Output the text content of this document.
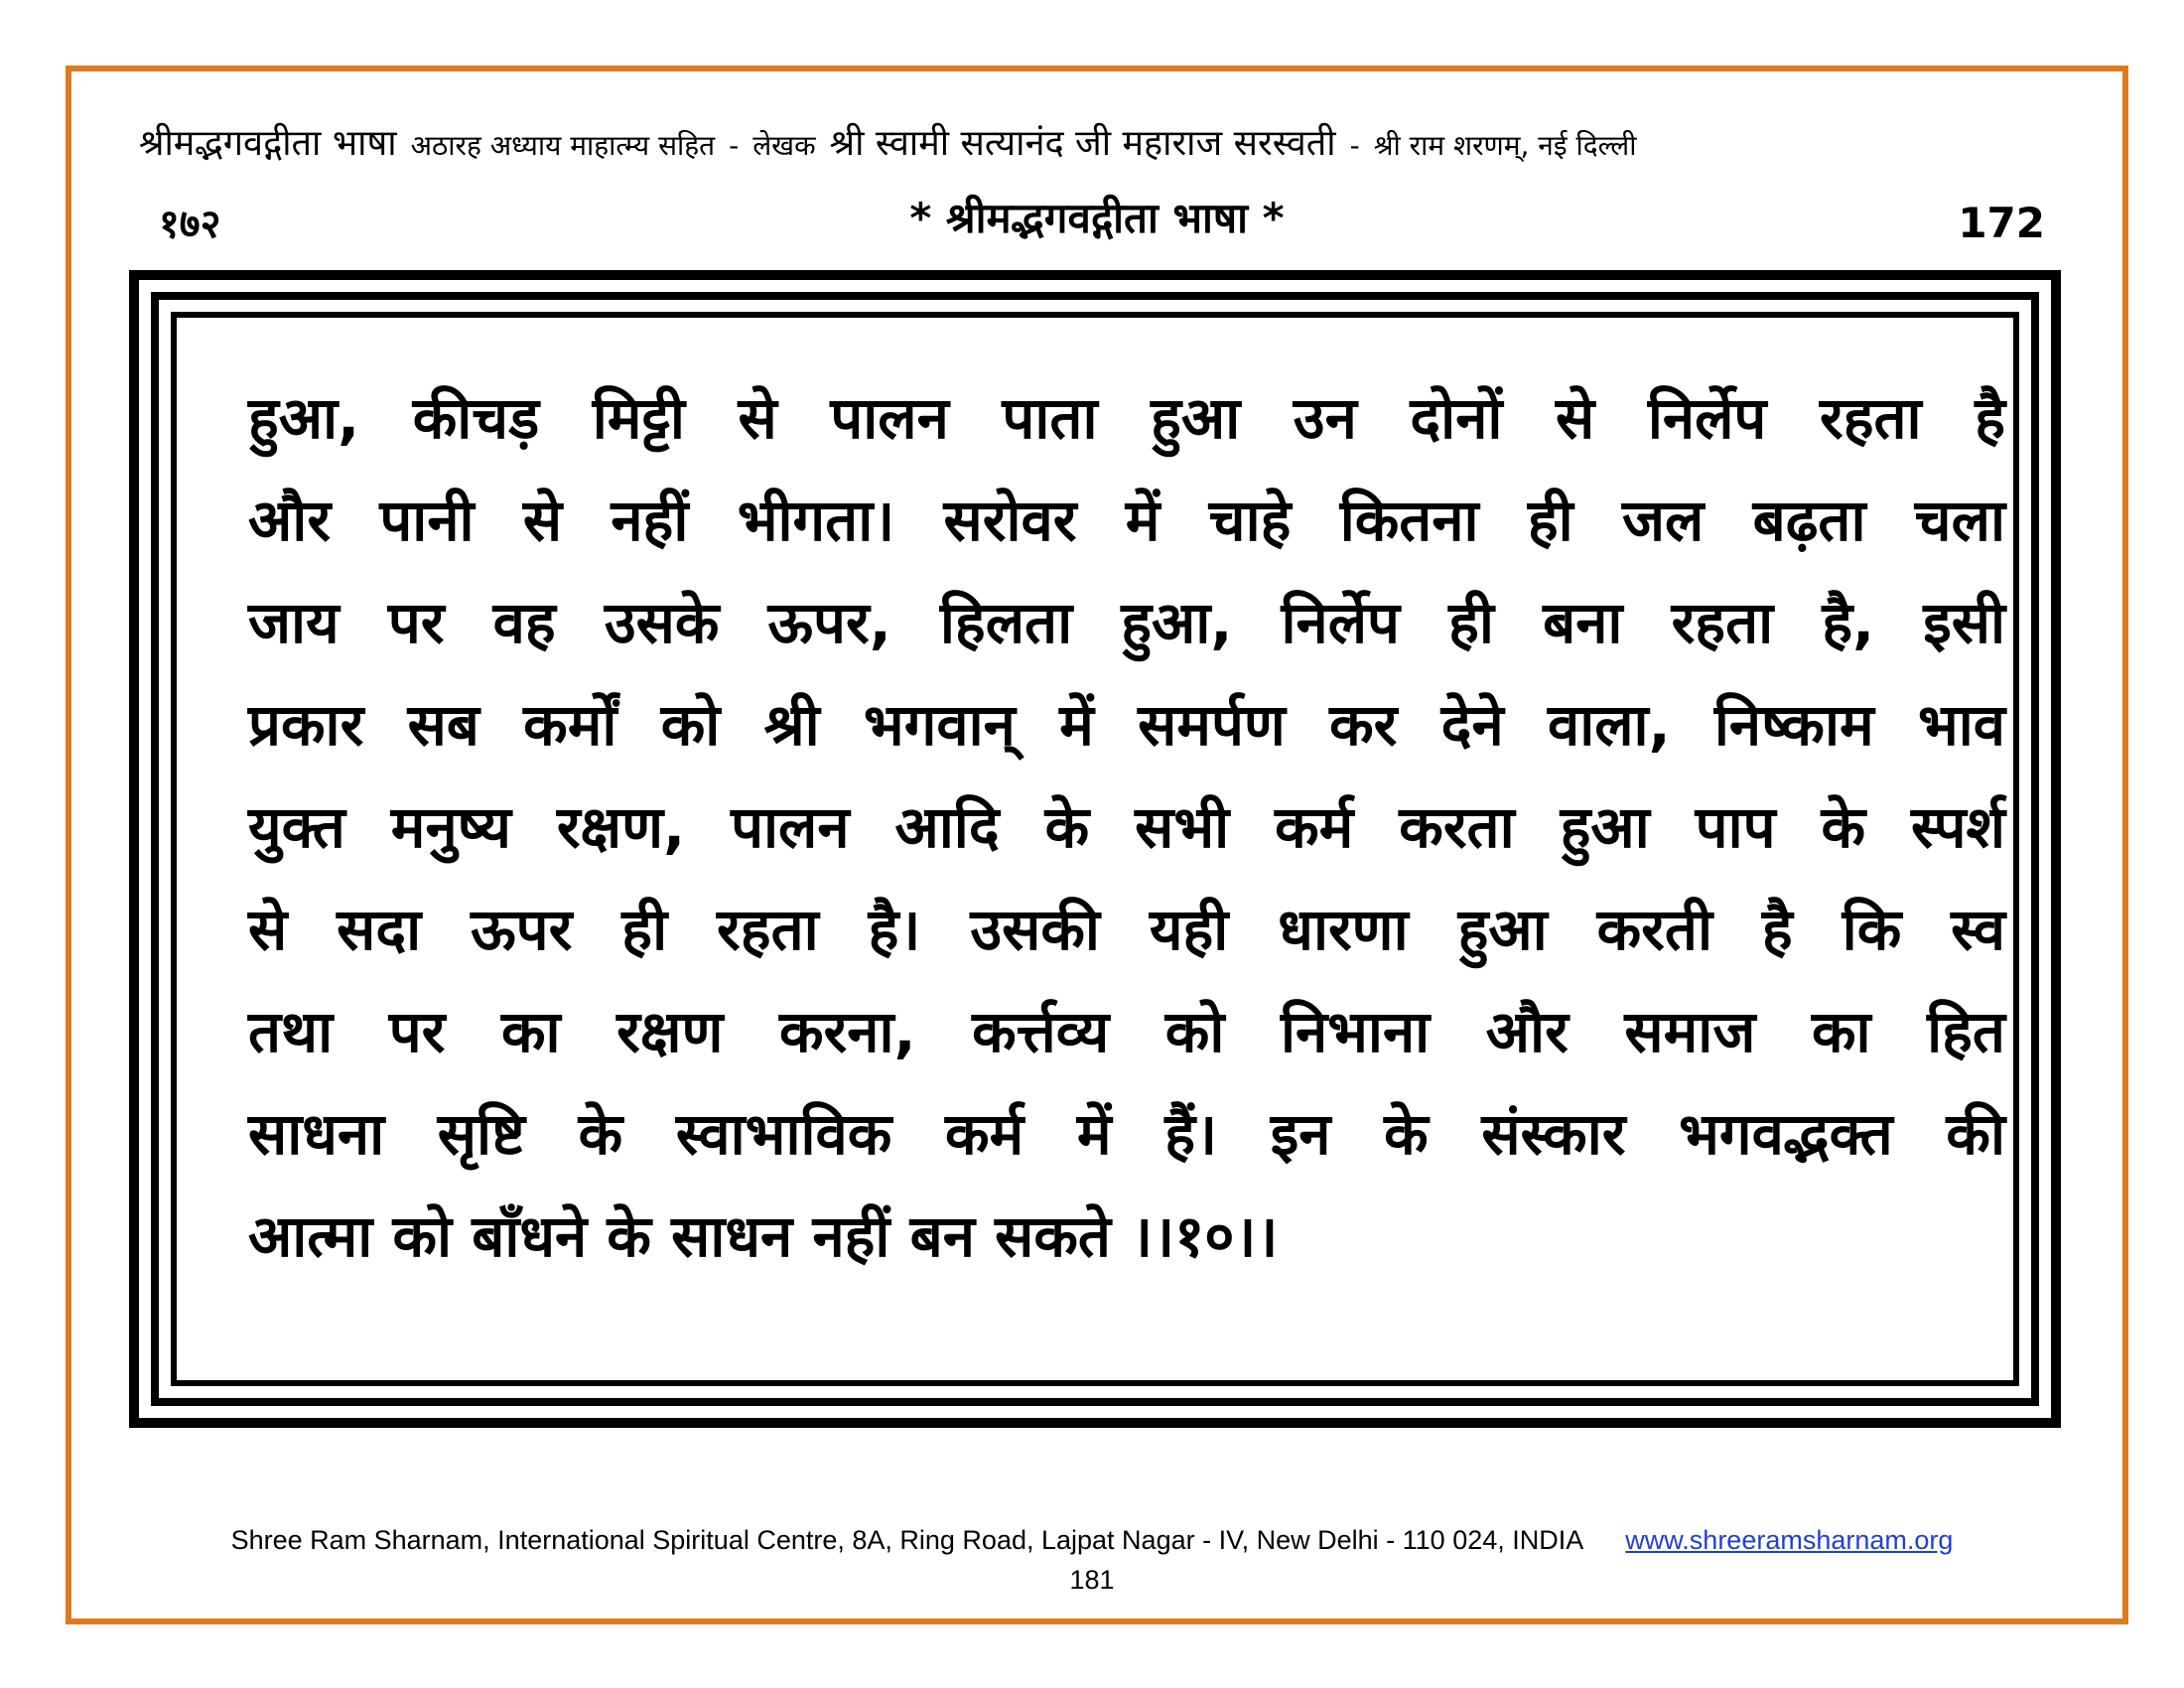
श्रीमद्भगवद्गीता भाषा अठारह अध्याय माहात्म्य सहित - लेखक श्री स्वामी सत्यानंद जी महाराज सरस्वती - श्री राम शरणम्, नई दिल्ली
१७२	* श्रीमद्भगवद्गीता भाषा *	172
हुआ, कीचड़ मिट्टी से पालन पाता हुआ उन दोनों से निर्लेप रहता है
और पानी से नहीं भीगता। सरोवर में चाहे कितना ही जल बढ़ता चला
जाय पर वह उसके ऊपर, हिलता हुआ, निर्लेप ही बना रहता है, इसी
प्रकार सब कर्मों को श्री भगवान् में समर्पण कर देने वाला, निष्काम भाव
युक्त मनुष्य रक्षण, पालन आदि के सभी कर्म करता हुआ पाप के स्पर्श
से सदा ऊपर ही रहता है। उसकी यही धारणा हुआ करती है कि स्व
तथा पर का रक्षण करना, कर्त्तव्य को निभाना और समाज का हित
साधना सृष्टि के स्वाभाविक कर्म में हैं। इन के संस्कार भगवद्भक्त की
आत्मा को बाँधने के साधन नहीं बन सकते ।।१०।।
Shree Ram Sharnam, International Spiritual Centre, 8A, Ring Road, Lajpat Nagar - IV, New Delhi - 110 024, INDIA www.shreeramsharnam.org
181
